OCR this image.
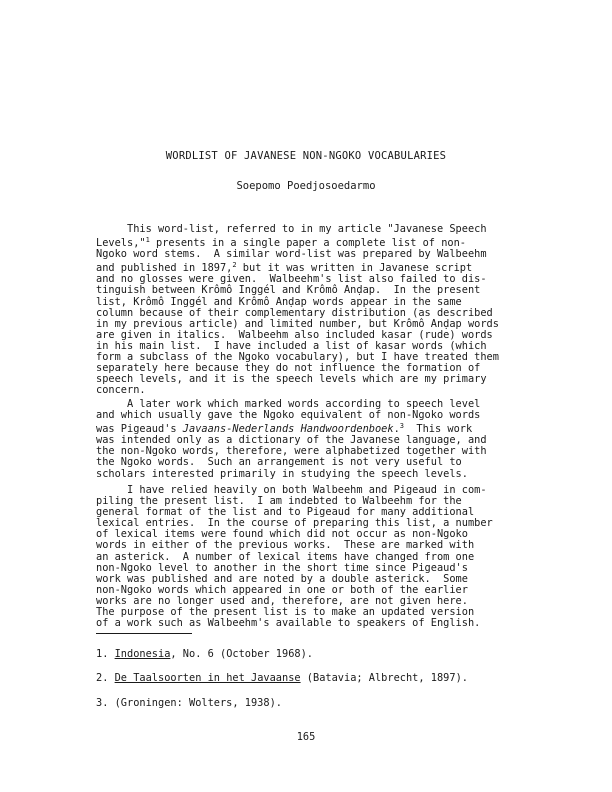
WORDLIST OF JAVANESE NON-NGOKO VOCABULARIES
Soepomo Poedjosoedarmo
This word-list, referred to in my article "Javanese Speech
Levels,"$^1$ presents in a single paper a complete list of non-
Ngoko word stems.  A similar word-list was prepared by Walbeehm
and published in 1897,$^2$ but it was written in Javanese script
and no glosses were given.  Walbeehm's list also failed to dis-
tinguish between Krômô Inggél and Krômô Anḍap.  In the present
list, Krômô Inggél and Krômô Anḍap words appear in the same
column because of their complementary distribution (as described
in my previous article) and limited number, but Krômô Anḍap words
are given in italics.  Walbeehm also included kasar (rude) words
in his main list.  I have included a list of kasar words (which
form a subclass of the Ngoko vocabulary), but I have treated them
separately here because they do not influence the formation of
speech levels, and it is the speech levels which are my primary
concern.
A later work which marked words according to speech level
and which usually gave the Ngoko equivalent of non-Ngoko words
was Pigeaud's Javaans-Nederlands Handwoordenboek.$^3$  This work
was intended only as a dictionary of the Javanese language, and
the non-Ngoko words, therefore, were alphabetized together with
the Ngoko words.  Such an arrangement is not very useful to
scholars interested primarily in studying the speech levels.
I have relied heavily on both Walbeehm and Pigeaud in com-
piling the present list.  I am indebted to Walbeehm for the
general format of the list and to Pigeaud for many additional
lexical entries.  In the course of preparing this list, a number
of lexical items were found which did not occur as non-Ngoko
words in either of the previous works.  These are marked with
an asterick.  A number of lexical items have changed from one
non-Ngoko level to another in the short time since Pigeaud's
work was published and are noted by a double asterick.  Some
non-Ngoko words which appeared in one or both of the earlier
works are no longer used and, therefore, are not given here.
The purpose of the present list is to make an updated version
of a work such as Walbeehm's available to speakers of English.
1. Indonesia, No. 6 (October 1968).
2. De Taalsoorten in het Javaanse (Batavia; Albrecht, 1897).
3. (Groningen: Wolters, 1938).
165
